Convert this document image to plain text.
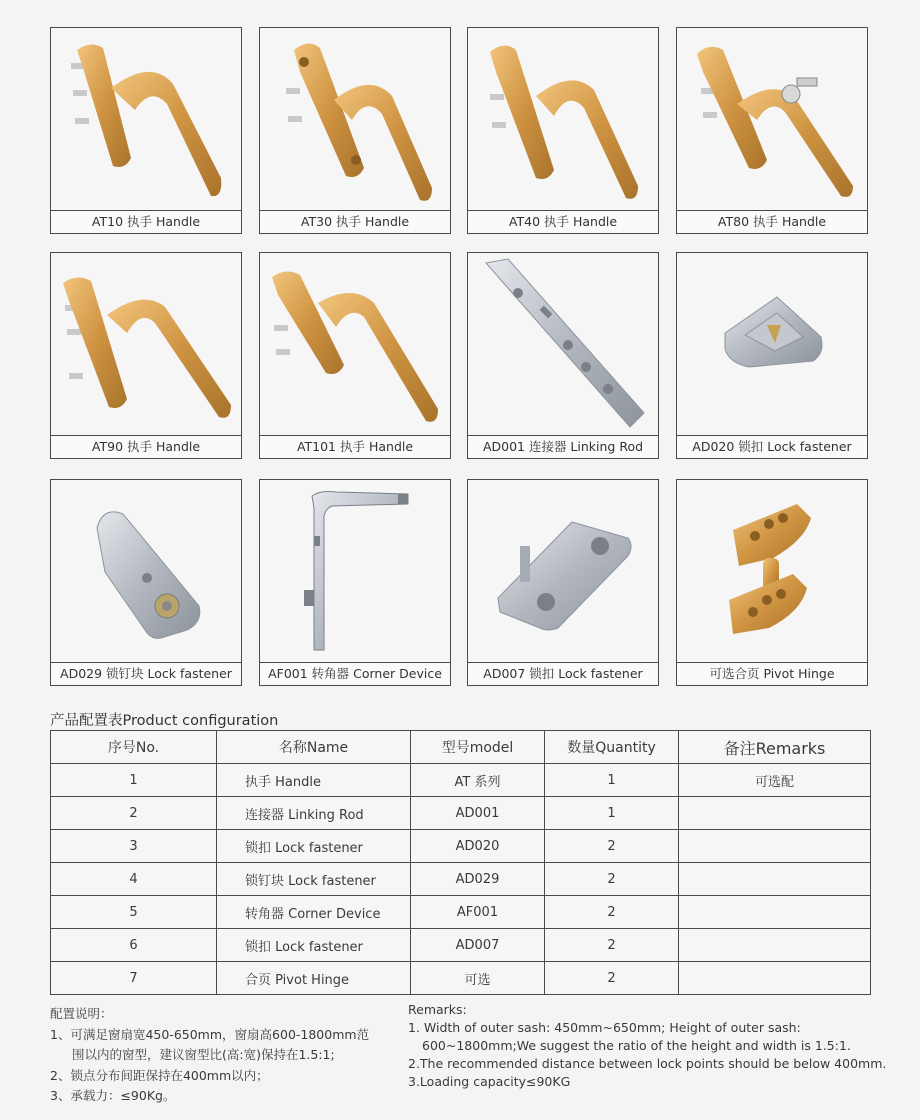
AT10 执手 Handle	AT30 执手 Handle	AT40 执手 Handle	AT80 执手 Handle
AT90 执手 Handle	AT101 执手 Handle	AD001 连接器 Linking Rod	AD020 锁扣 Lock fastener
AD029 锁钉块 Lock fastener	AF001 转角器 Corner Device	AD007 锁扣 Lock fastener	可选合页 Pivot Hinge
产品配置表Product configuration
序号No.	名称Name	型号model	数量Quantity	备注Remarks
1	执手 Handle	AT 系列	1	可选配
2	连接器 Linking Rod	AD001	1	
3	锁扣 Lock fastener	AD020	2	
4	锁钉块 Lock fastener	AD029	2	
5	转角器 Corner Device	AF001	2	
6	锁扣 Lock fastener	AD007	2	
7	合页 Pivot Hinge	可选	2	
配置说明：
1、可满足窗扇宽450-650mm，窗扇高600-1800mm范
围以内的窗型，建议窗型比(高:宽)保持在1.5:1;
2、锁点分布间距保持在400mm以内；
3、承载力：≤90Kg。
Remarks:
1. Width of outer sash: 450mm~650mm; Height of outer sash:
600~1800mm;We suggest the ratio of the height and width is 1.5:1.
2.The recommended distance between lock points should be below 400mm.
3.Loading capacity≤90KG
